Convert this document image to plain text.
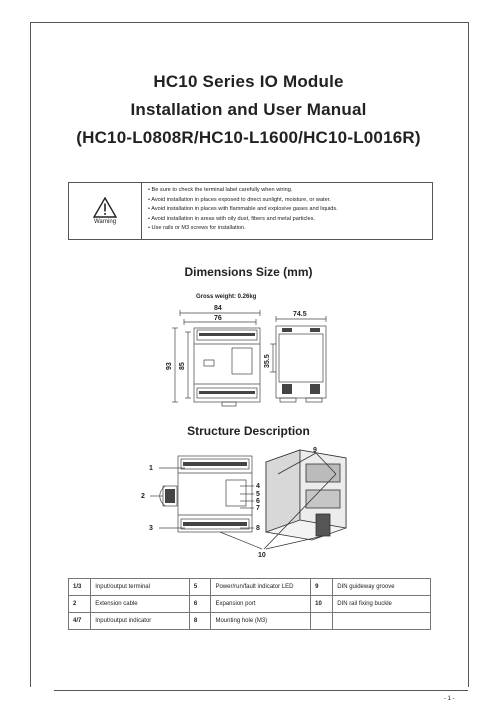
HC10 Series IO Module
Installation and User Manual
(HC10-L0808R/HC10-L1600/HC10-L0016R)
Warning
• Be sure to check the terminal label carefully when wiring.
• Avoid installation in places exposed to direct sunlight, moisture, or water.
• Avoid installation in places with flammable and explosive gases and liquids.
• Avoid installation in areas with oily dust, fibers and metal particles.
• Use rails or M3 screws for installation.
Dimensions Size (mm)
Gross weight: 0.26kg
84
76
93 85
74.5
35.5
1
2
3
4
5
6
7
8
9
10
Structure Description
1/3	Input/output terminal	5	Power/run/fault indicator LED	9	DIN guideway groove
2	Extension cable	6	Expansion port	10	DIN rail fixing buckle
4/7	Input/output indicator	8	Mounting hole (M3)		
- 1 -
